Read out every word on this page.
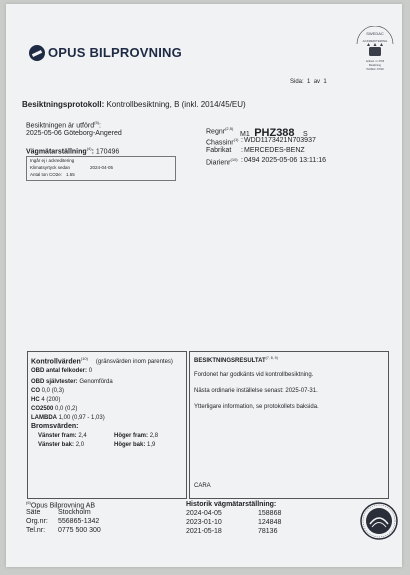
OPUS BILPROVNING
SWEDAC
ACKREDITERING
Ackred. nr 4766
Besiktning
ISO/IEC 17020
Sida: 1 av 1
Besiktningsprotokoll: Kontrollbesiktning, B (inkl. 2014/45/EU)
Besiktningen är utförd$^{(5)}$:
2025-05-06 Göteborg-Angered
Vägmätarställning$^{(4)}$: 170496
Ingår ej i ackreditering
Klimatsyrtyck sedan	2024-04-05
Antal ton CO2e: 1.55
Regnr$^{(2,5)}$
M1 PHZ388 S
Chassinr$^{(1)}$ : WDD1173421N703937
Fabrikat : MERCEDES-BENZ
Diarienr$^{(10)}$ : 0494 2025-05-06 13:11:16
Kontrollvärden$^{(10)}$ (gränsvärden inom parentes)
OBD antal felkoder: 0
OBD självtester: Genomförda
CO 0,0 (0,3)
HC 4 (200)
CO2500 0,0 (0,2)
LAMBDA 1,00 (0,97 - 1,03)
Bromsvärden:
Vänster fram: 2,4	Höger fram: 2,8
Vänster bak: 2,0	Höger bak: 1,9
BESIKTNINGSRESULTAT$^{(7, 8, 9)}$
Fordonet har godkänts vid kontrollbesiktning.
Nästa ordinarie inställelse senast: 2025-07-31.
Ytterligare information, se protokollets baksida.
CARA
$^{(6)}$Opus Bilprovning AB
Säte	Stockholm
Org.nr: 556865-1342
Tel.nr: 0775 500 300
Historik vägmätarställning:
2024-04-05	158868
2023-01-10	124848
2021-05-18	78136
